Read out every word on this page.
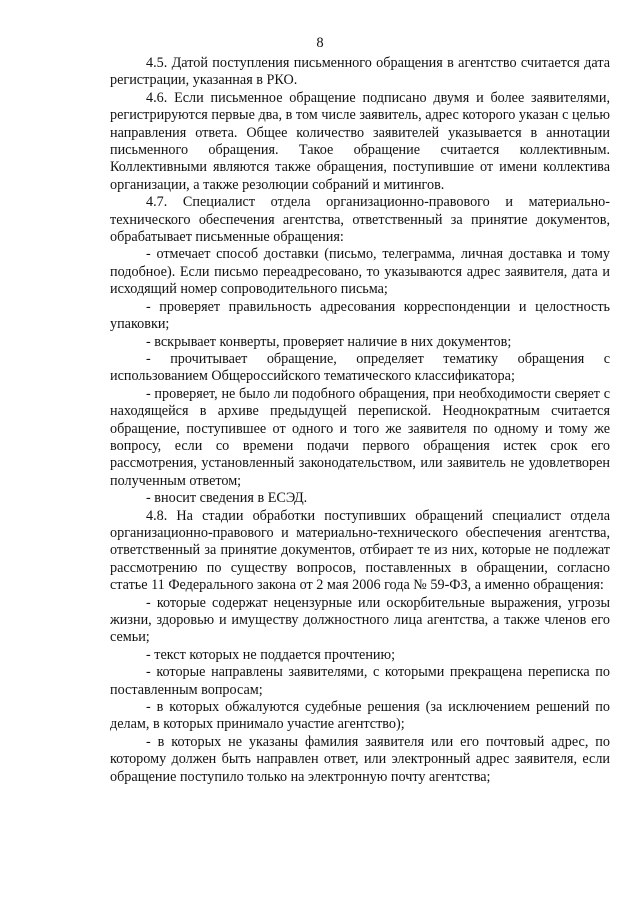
8

4.5. Датой поступления письменного обращения в агентство считается дата регистрации, указанная в РКО.

4.6. Если письменное обращение подписано двумя и более заявителями, регистрируются первые два, в том числе заявитель, адрес которого указан с целью направления ответа. Общее количество заявителей указывается в аннотации письменного обращения. Такое обращение считается коллективным. Коллективными являются также обращения, поступившие от имени коллектива организации, а также резолюции собраний и митингов.

4.7. Специалист отдела организационно-правового и материально-технического обеспечения агентства, ответственный за принятие документов, обрабатывает письменные обращения:

- отмечает способ доставки (письмо, телеграмма, личная доставка и тому подобное). Если письмо переадресовано, то указываются адрес заявителя, дата и исходящий номер сопроводительного письма;

- проверяет правильность адресования корреспонденции и целостность упаковки;

- вскрывает конверты, проверяет наличие в них документов;

- прочитывает обращение, определяет тематику обращения с использованием Общероссийского тематического классификатора;

- проверяет, не было ли подобного обращения, при необходимости сверяет с находящейся в архиве предыдущей перепиской. Неоднократным считается обращение, поступившее от одного и того же заявителя по одному и тому же вопросу, если со времени подачи первого обращения истек срок его рассмотрения, установленный законодательством, или заявитель не удовлетворен полученным ответом;

- вносит сведения в ЕСЭД.

4.8. На стадии обработки поступивших обращений специалист отдела организационно-правового и материально-технического обеспечения агентства, ответственный за принятие документов, отбирает те из них, которые не подлежат рассмотрению по существу вопросов, поставленных в обращении, согласно статье 11 Федерального закона от 2 мая 2006 года № 59-ФЗ, а именно обращения:

- которые содержат нецензурные или оскорбительные выражения, угрозы жизни, здоровью и имуществу должностного лица агентства, а также членов его семьи;

- текст которых не поддается прочтению;

- которые направлены заявителями, с которыми прекращена переписка по поставленным вопросам;

- в которых обжалуются судебные решения (за исключением решений по делам, в которых принимало участие агентство);

- в которых не указаны фамилия заявителя или его почтовый адрес, по которому должен быть направлен ответ, или электронный адрес заявителя, если обращение поступило только на электронную почту агентства;
